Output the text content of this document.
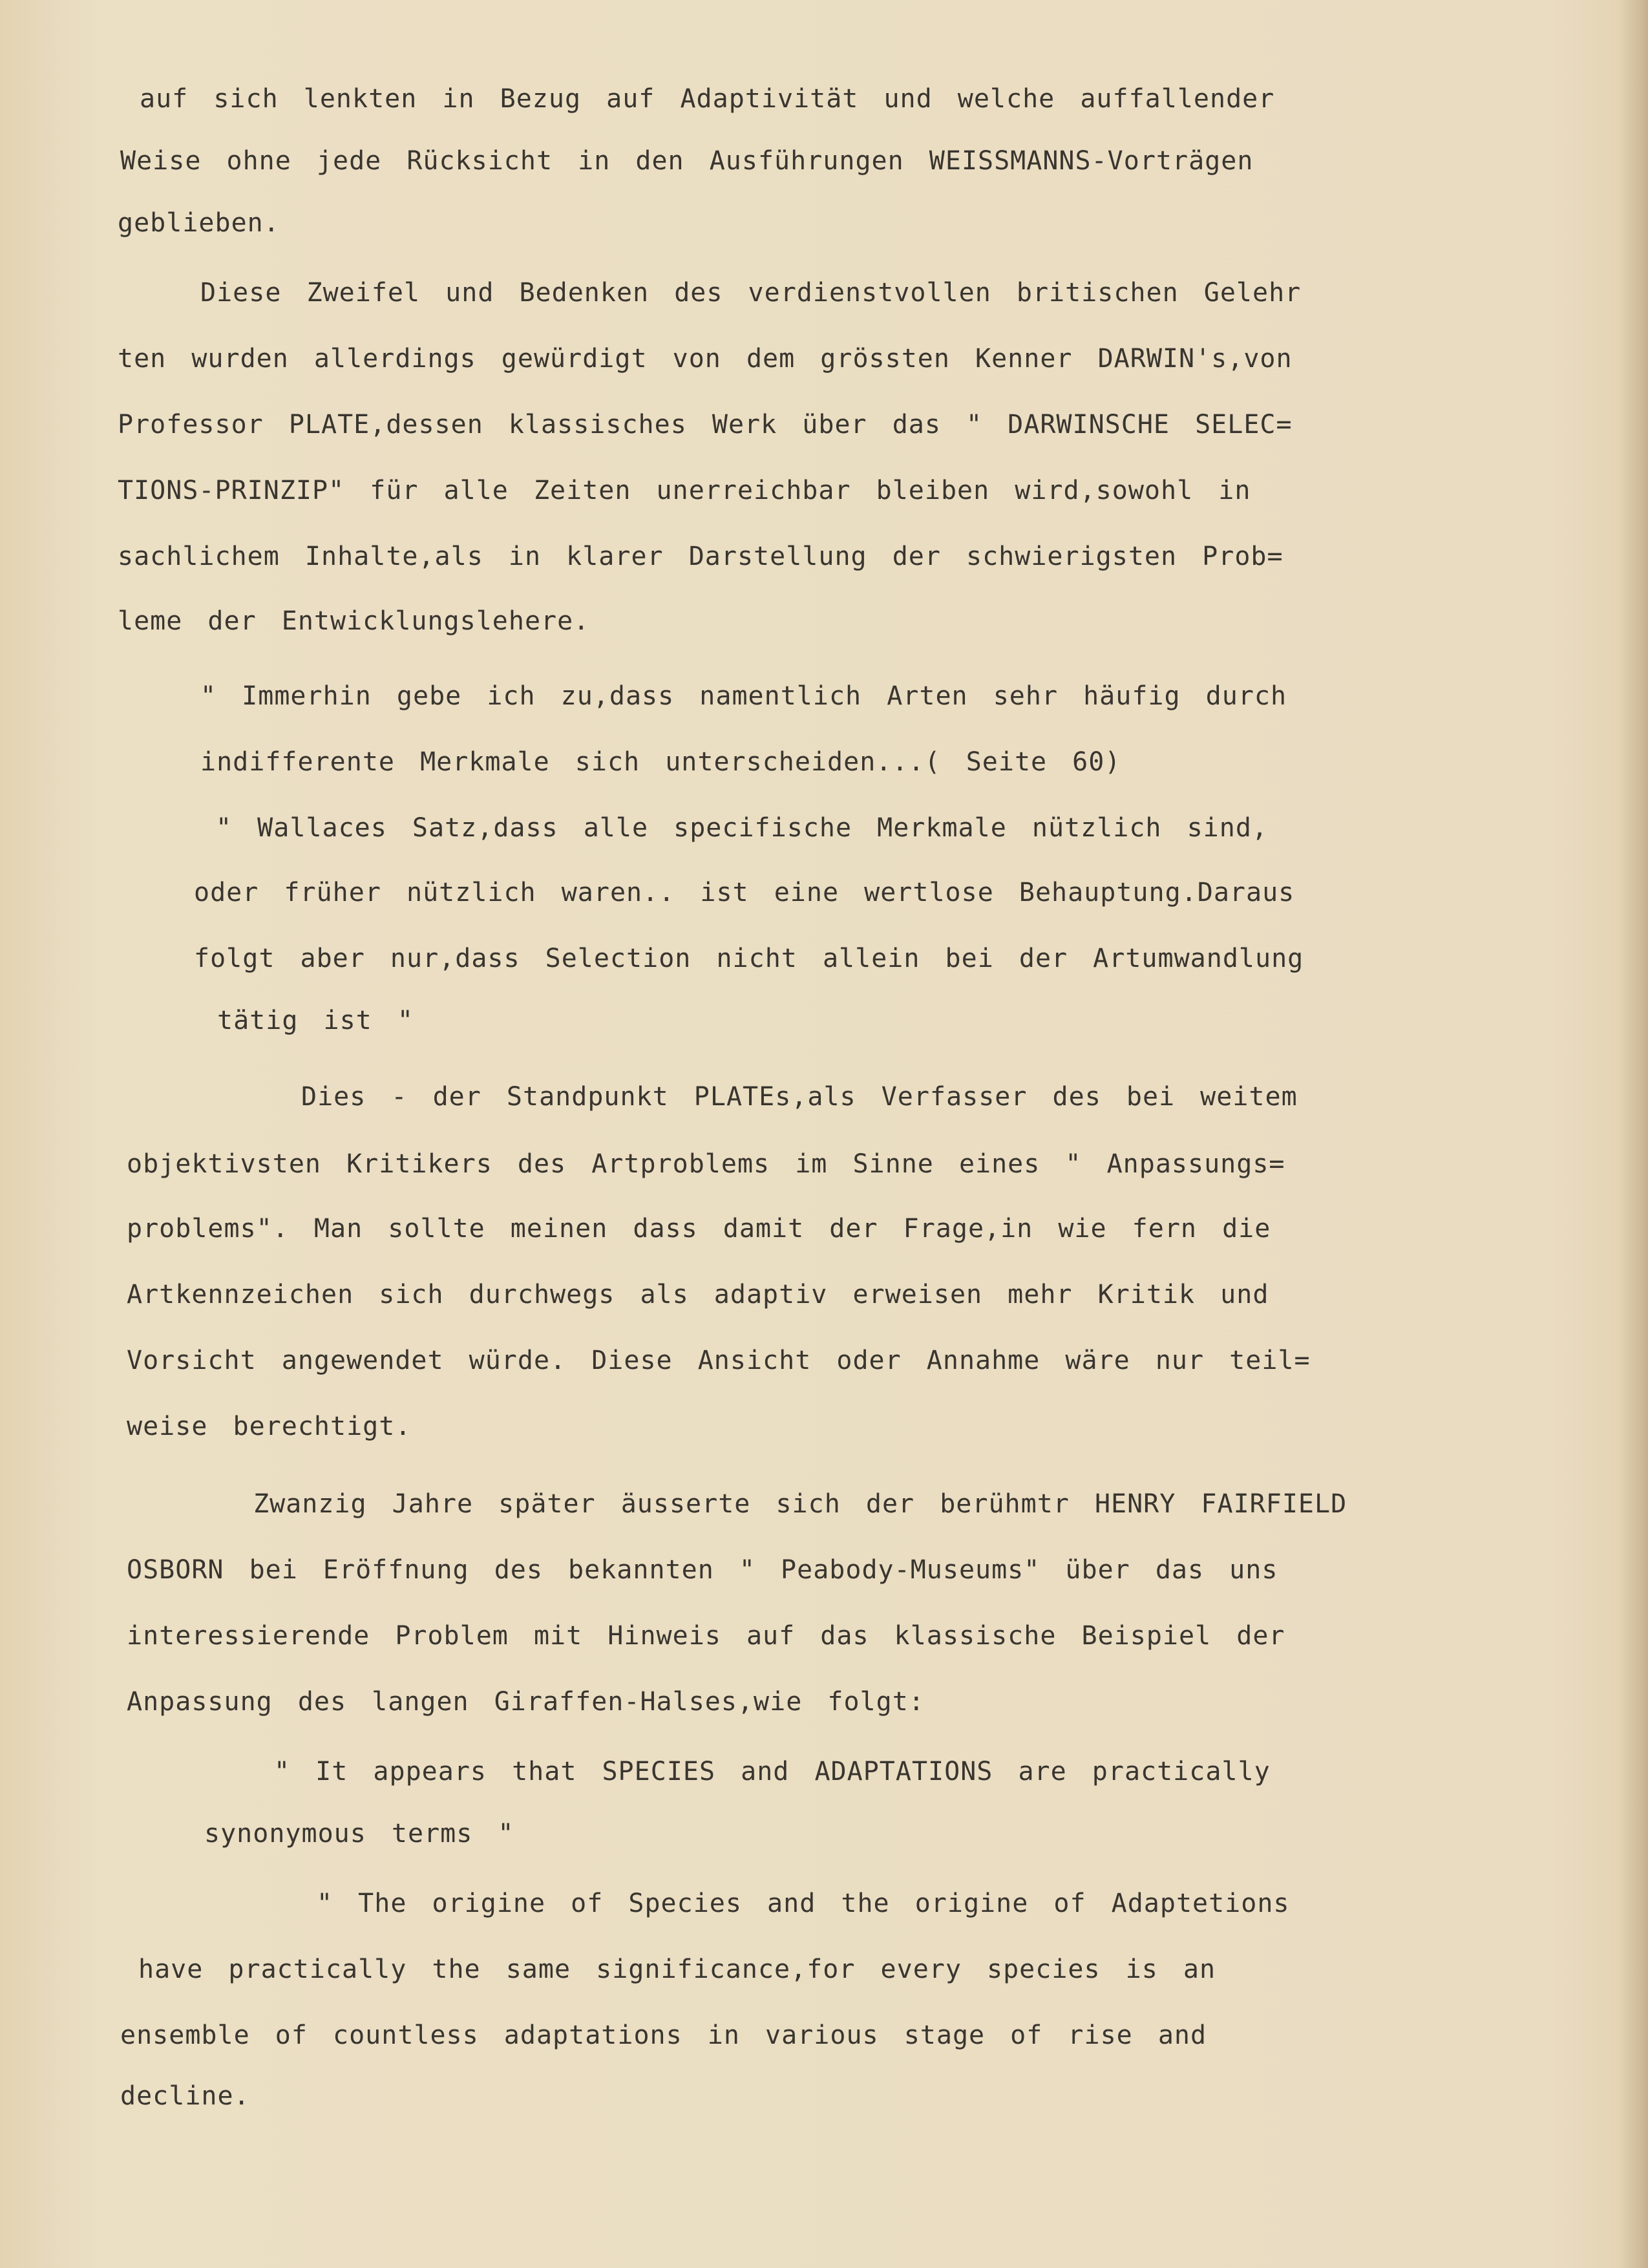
auf sich lenkten in Bezug auf Adaptivität und welche auffallender

Weise ohne jede Rücksicht in den Ausführungen WEISSMANNS-Vorträgen

geblieben.

Diese Zweifel und Bedenken des verdienstvollen britischen Gelehr

ten wurden allerdings gewürdigt von dem grössten Kenner DARWIN's,von

Professor PLATE,dessen klassisches Werk über das " DARWINSCHE SELEC=

TIONS-PRINZIP" für alle Zeiten unerreichbar bleiben wird,sowohl in

sachlichem Inhalte,als in klarer Darstellung der schwierigsten Prob=

leme der Entwicklungslehere.

" Immerhin gebe ich zu,dass namentlich Arten sehr häufig durch

indifferente Merkmale sich unterscheiden...( Seite 60)

" Wallaces Satz,dass alle specifische Merkmale nützlich sind,

oder früher nützlich waren.. ist eine wertlose Behauptung.Daraus

folgt aber nur,dass Selection nicht allein bei der Artumwandlung

tätig ist "

Dies - der Standpunkt PLATEs,als Verfasser des bei weitem

objektivsten Kritikers des Artproblems im Sinne eines " Anpassungs=

problems". Man sollte meinen dass damit der Frage,in wie fern die

Artkennzeichen sich durchwegs als adaptiv erweisen mehr Kritik und

Vorsicht angewendet würde. Diese Ansicht oder Annahme wäre nur teil=

weise berechtigt.

Zwanzig Jahre später äusserte sich der berühmtr HENRY FAIRFIELD

OSBORN bei Eröffnung des bekannten " Peabody-Museums" über das uns

interessierende Problem mit Hinweis auf das klassische Beispiel der

Anpassung des langen Giraffen-Halses,wie folgt:

" It appears that SPECIES and ADAPTATIONS are practically

synonymous terms "

" The origine of Species and the origine of Adaptetions

have practically the same significance,for every species is an

ensemble of countless adaptations in various stage of rise and

decline.
